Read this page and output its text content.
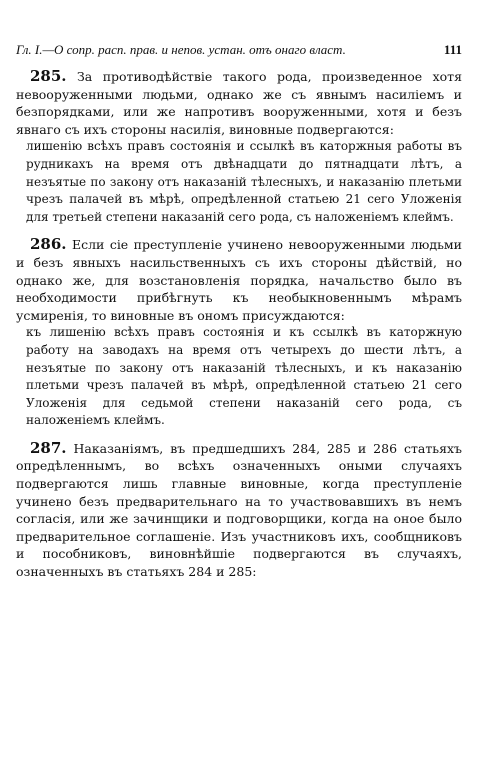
Гл. I.—О сопр. расп. прав. и непов. устан. отъ онаго власт.	111

285. За противодѣйствіе такого рода, произведенное хотя невооруженными людьми, однако же съ явнымъ насиліемъ и безпорядками, или же напротивъ вооруженными, хотя и безъ явнаго съ ихъ стороны насилія, виновные подвергаются:

лишенію всѣхъ правъ состоянія и ссылкѣ въ каторжныя работы въ рудникахъ на время отъ двѣнадцати до пятнадцати лѣтъ, а незъятые по закону отъ наказаній тѣлесныхъ, и наказанію плетьми чрезъ палачей въ мѣрѣ, опредѣленной статьею 21 сего Уложенія для третьей степени наказаній сего рода, съ наложеніемъ клеймъ.

286. Если сіе преступленіе учинено невооруженными людьми и безъ явныхъ насильственныхъ съ ихъ стороны дѣйствій, но однако же, для возстановленія порядка, начальство было въ необходимости прибѣгнуть къ необыкновеннымъ мѣрамъ усмиренія, то виновные въ ономъ присуждаются:

къ лишенію всѣхъ правъ состоянія и къ ссылкѣ въ каторжную работу на заводахъ на время отъ четырехъ до шести лѣтъ, а незъятые по закону отъ наказаній тѣлесныхъ, и къ наказанію плетьми чрезъ палачей въ мѣрѣ, опредѣленной статьею 21 сего Уложенія для седьмой степени наказаній сего рода, съ наложеніемъ клеймъ.

287. Наказаніямъ, въ предшедшихъ 284, 285 и 286 статьяхъ опредѣленнымъ, во всѣхъ означенныхъ оными случаяхъ подвергаются лишь главные виновные, когда преступленіе учинено безъ предварительнаго на то участвовавшихъ въ немъ согласія, или же зачинщики и подговорщики, когда на оное было предварительное соглашеніе. Изъ участниковъ ихъ, сообщниковъ и пособниковъ, виновнѣйшіе подвергаются въ случаяхъ, означенныхъ въ статьяхъ 284 и 285:
